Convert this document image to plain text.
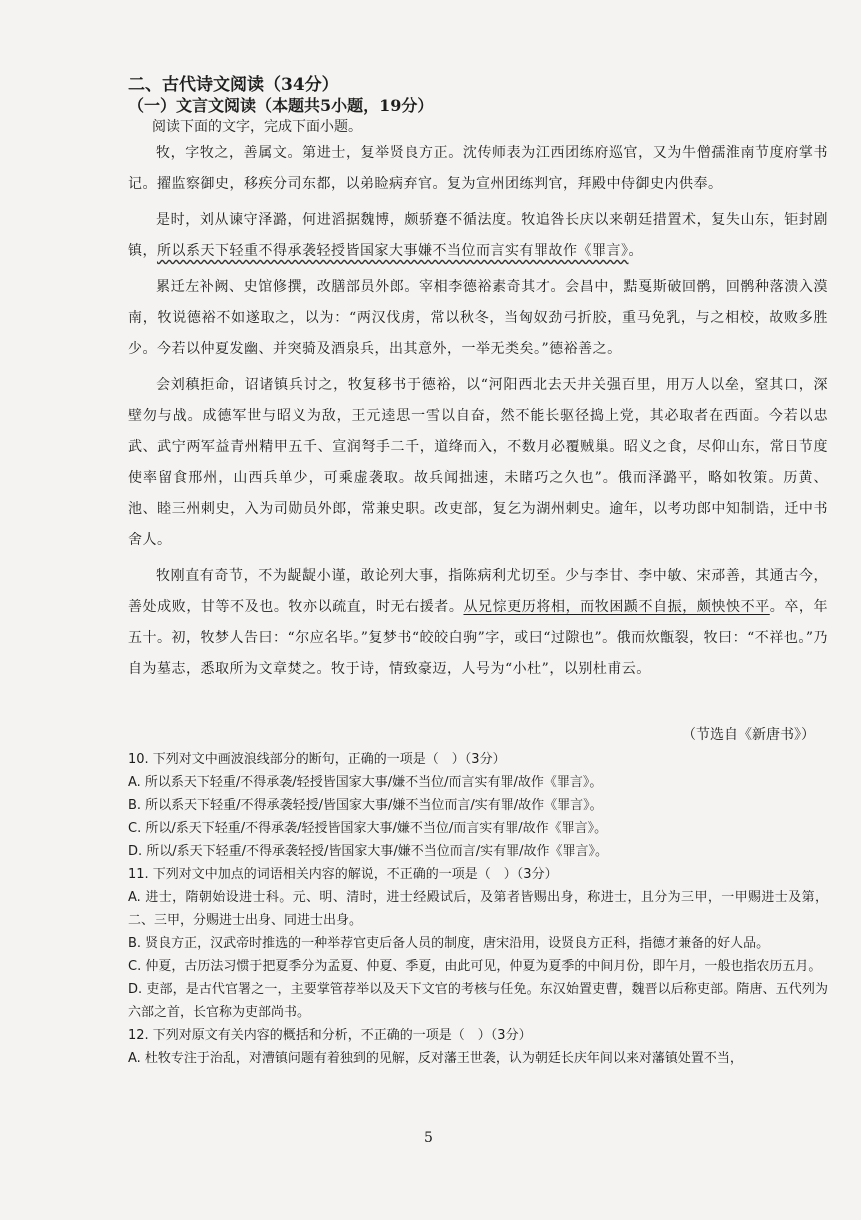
二、古代诗文阅读（34分）
（一）文言文阅读（本题共5小题，19分）
阅读下面的文字，完成下面小题。

牧，字牧之，善属文。第进士，复举贤良方正。沈传师表为江西团练府巡官，又为牛僧孺淮南节度府掌书记。擢监察御史，移疾分司东都，以弟睑病弃官。复为宣州团练判官，拜殿中侍御史内供奉。

是时，刘从谏守泽潞，何进滔据魏博，颇骄蹇不循法度。牧追咎长庆以来朝廷措置术，复失山东，钜封剧镇，所以系天下轻重不得承袭轻授皆国家大事嫌不当位而言实有罪故作《罪言》。

累迁左补阙、史馆修撰，改膳部员外郎。宰相李德裕素奇其才。会昌中，黠戛斯破回鹘，回鹘种落溃入漠南，牧说德裕不如遂取之，以为：“两汉伐虏，常以秋冬，当匈奴劲弓折胶，重马免乳，与之相校，故败多胜少。今若以仲夏发幽、并突骑及酒泉兵，出其意外，一举无类矣。”德裕善之。

会刘稹拒命，诏诸镇兵讨之，牧复移书于德裕，以“河阳西北去天井关强百里，用万人以垒，窒其口，深壁勿与战。成德军世与昭义为敌，王元逵思一雪以自奋，然不能长驱径捣上党，其必取者在西面。今若以忠武、武宁两军益青州精甲五千、宣润弩手二千，道绛而入，不数月必覆贼巢。昭义之食，尽仰山东，常日节度使率留食邢州，山西兵单少，可乘虚袭取。故兵闻拙速，未睹巧之久也”。俄而泽潞平，略如牧策。历黄、池、睦三州刺史，入为司勋员外郎，常兼史职。改吏部，复乞为湖州刺史。逾年，以考功郎中知制诰，迁中书舍人。

牧刚直有奇节，不为龊龊小谨，敢论列大事，指陈病利尤切至。少与李甘、李中敏、宋邧善，其通古今，善处成败，甘等不及也。牧亦以疏直，时无右援者。从兄悰更历将相，而牧困踬不自振，颇怏怏不平。卒，年五十。初，牧梦人告曰：“尔应名毕。”复梦书“皎皎白驹”字，或曰“过隙也”。俄而炊甑裂，牧曰：“不祥也。”乃自为墓志，悉取所为文章焚之。牧于诗，情致豪迈，人号为“小杜”，以别杜甫云。

（节选自《新唐书》）

10. 下列对文中画波浪线部分的断句，正确的一项是（　）（3分）

A. 所以系天下轻重/不得承袭/轻授皆国家大事/嫌不当位/而言实有罪/故作《罪言》。

B. 所以系天下轻重/不得承袭轻授/皆国家大事/嫌不当位而言/实有罪/故作《罪言》。

C. 所以/系天下轻重/不得承袭/轻授皆国家大事/嫌不当位/而言实有罪/故作《罪言》。

D. 所以/系天下轻重/不得承袭轻授/皆国家大事/嫌不当位而言/实有罪/故作《罪言》。

11. 下列对文中加点的词语相关内容的解说，不正确的一项是（　）（3分）

A. 进士，隋朝始设进士科。元、明、清时，进士经殿试后，及第者皆赐出身，称进士，且分为三甲，一甲赐进士及第，二、三甲，分赐进士出身、同进士出身。

B. 贤良方正，汉武帝时推选的一种举荐官吏后备人员的制度，唐宋沿用，设贤良方正科，指德才兼备的好人品。

C. 仲夏，古历法习惯于把夏季分为孟夏、仲夏、季夏，由此可见，仲夏为夏季的中间月份，即午月，一般也指农历五月。

D. 吏部，是古代官署之一，主要掌管荐举以及天下文官的考核与任免。东汉始置吏曹，魏晋以后称吏部。隋唐、五代列为六部之首，长官称为吏部尚书。

12. 下列对原文有关内容的概括和分析，不正确的一项是（　）（3分）

A. 杜牧专注于治乱，对漕镇问题有着独到的见解，反对藩王世袭，认为朝廷长庆年间以来对藩镇处置不当，

5
